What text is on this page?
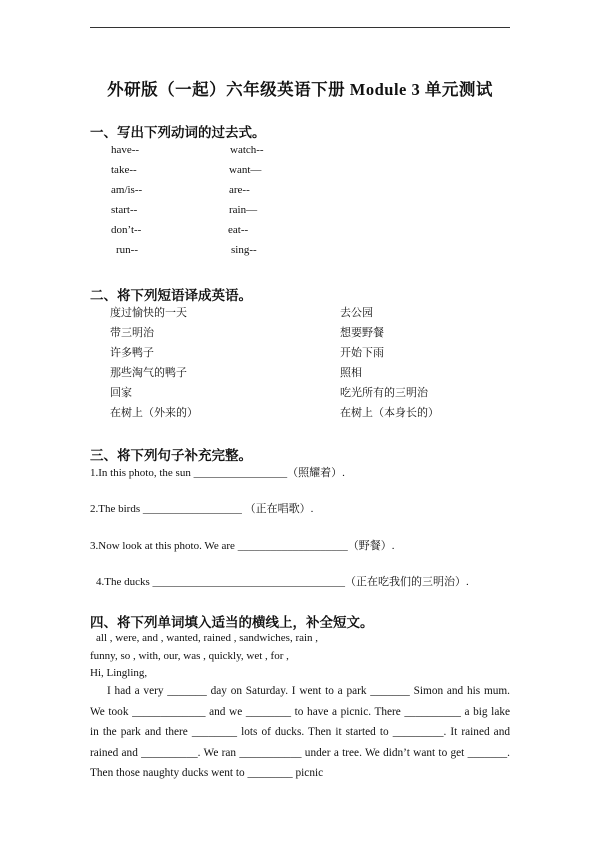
外研版（一起）六年级英语下册 Module 3 单元测试
一、写出下列动词的过去式。
have--	watch--
take--	want—
am/is--	are--
start--	rain—
don’t--	eat--
run--	sing--
二、将下列短语译成英语。
度过愉快的一天	去公园
带三明治	想要野餐
许多鸭子	开始下雨
那些淘气的鸭子	照相
回家	吃光所有的三明治
在树上（外来的）	在树上（本身长的）
三、将下列句子补充完整。
1.In this photo, the sun _________________（照耀着）.
2.The birds __________________ （正在唱歌）.
3.Now look at this photo. We are ____________________（野餐）.
4.The ducks ___________________________________（正在吃我们的三明治）.
四、将下列单词填入适当的横线上，补全短文。
all , were, and , wanted, rained , sandwiches, rain ,
funny, so , with, our, was , quickly, wet , for ,
Hi, Lingling,

I had a very _______ day on Saturday. I went to a park _______ Simon and his mum. We took _____________ and we ________ to have a picnic. There __________ a big lake in the park and there ________ lots of ducks. Then it started to _________. It rained and rained and __________. We ran ___________ under a tree. We didn’t want to get _______. Then those naughty ducks went to ________ picnic
